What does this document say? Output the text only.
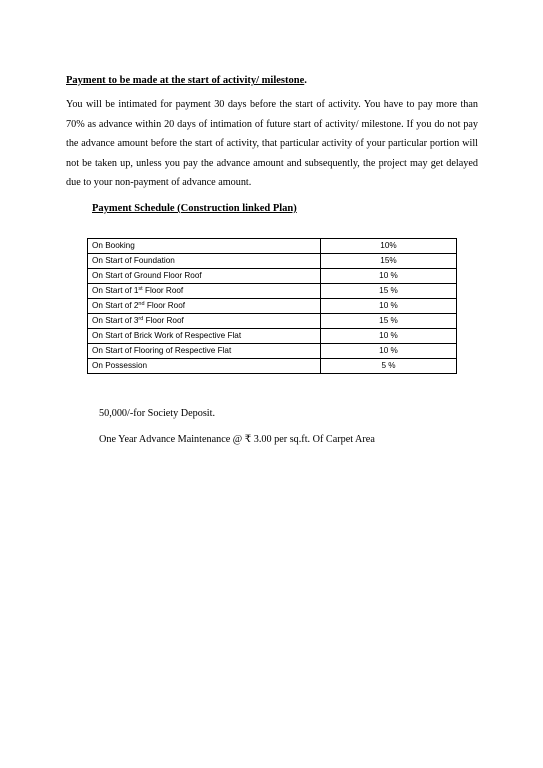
Payment to be made at the start of activity/ milestone.

You will be intimated for payment 30 days before the start of activity. You have to pay more than 70% as advance within 20 days of intimation of future start of activity/ milestone. If you do not pay the advance amount before the start of activity, that particular activity of your particular portion will not be taken up, unless you pay the advance amount and subsequently, the project may get delayed due to your non-payment of advance amount.

Payment Schedule (Construction linked Plan)
On Booking	10%
On Start of Foundation	15%
On Start of Ground Floor Roof	10 %
On Start of 1st Floor Roof	15 %
On Start of 2nd Floor Roof	10 %
On Start of 3rd Floor Roof	15 %
On Start of Brick Work of Respective Flat	10 %
On Start of Flooring of Respective Flat	10 %
On Possession	5 %
50,000/-for Society Deposit.
One Year Advance Maintenance @ ₹ 3.00 per sq.ft. Of Carpet Area
